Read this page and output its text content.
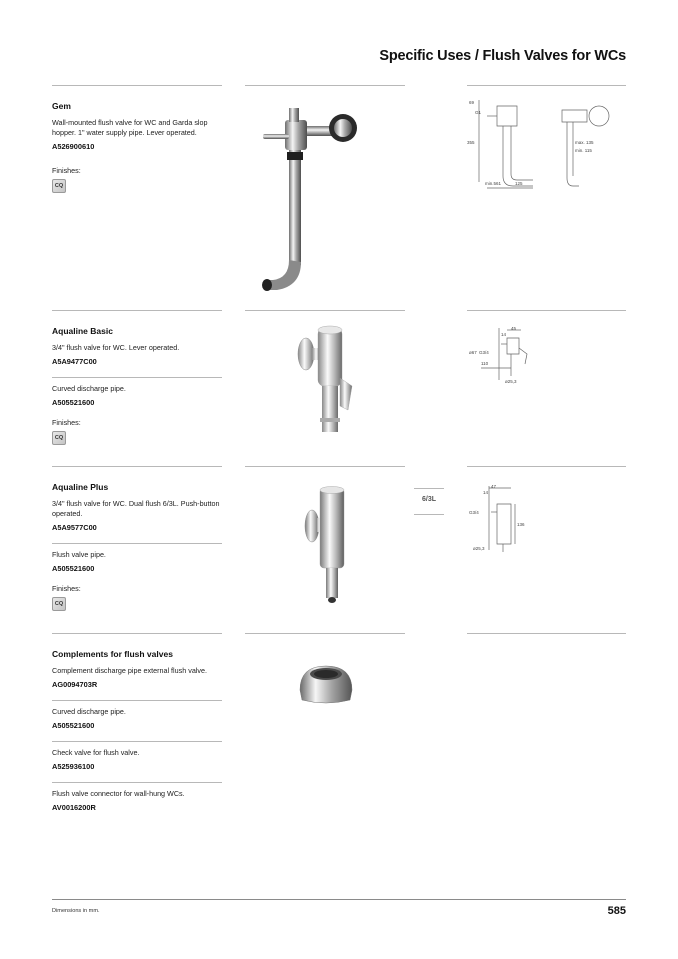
Specific Uses / Flush Valves for WCs

Gem

Wall-mounted flush valve for WC and Garda slop hopper. 1" water supply pipe. Lever operated.

A526900610

Finishes:

CQ
69
G1
355
min.561	125
max. 135
min. 115

Aqualine Basic

3/4" flush valve for WC. Lever operated.

A5A9477C00

Curved discharge pipe.

A505521600

Finishes:

CQ
45
14
ø67 G3/4
110
ø25,3

Aqualine Plus

3/4" flush valve for WC. Dual flush 6/3L. Push-button operated.

A5A9577C00

Flush valve pipe.

A505521600

Finishes:

CQ
6/3L
47
14
G3/4
136
ø25,3

Complements for flush valves

Complement discharge pipe external flush valve.

AG0094703R

Curved discharge pipe.

A505521600

Check valve for flush valve.

A525936100

Flush valve connector for wall-hung WCs.

AV0016200R

Dimensions in mm.	585
